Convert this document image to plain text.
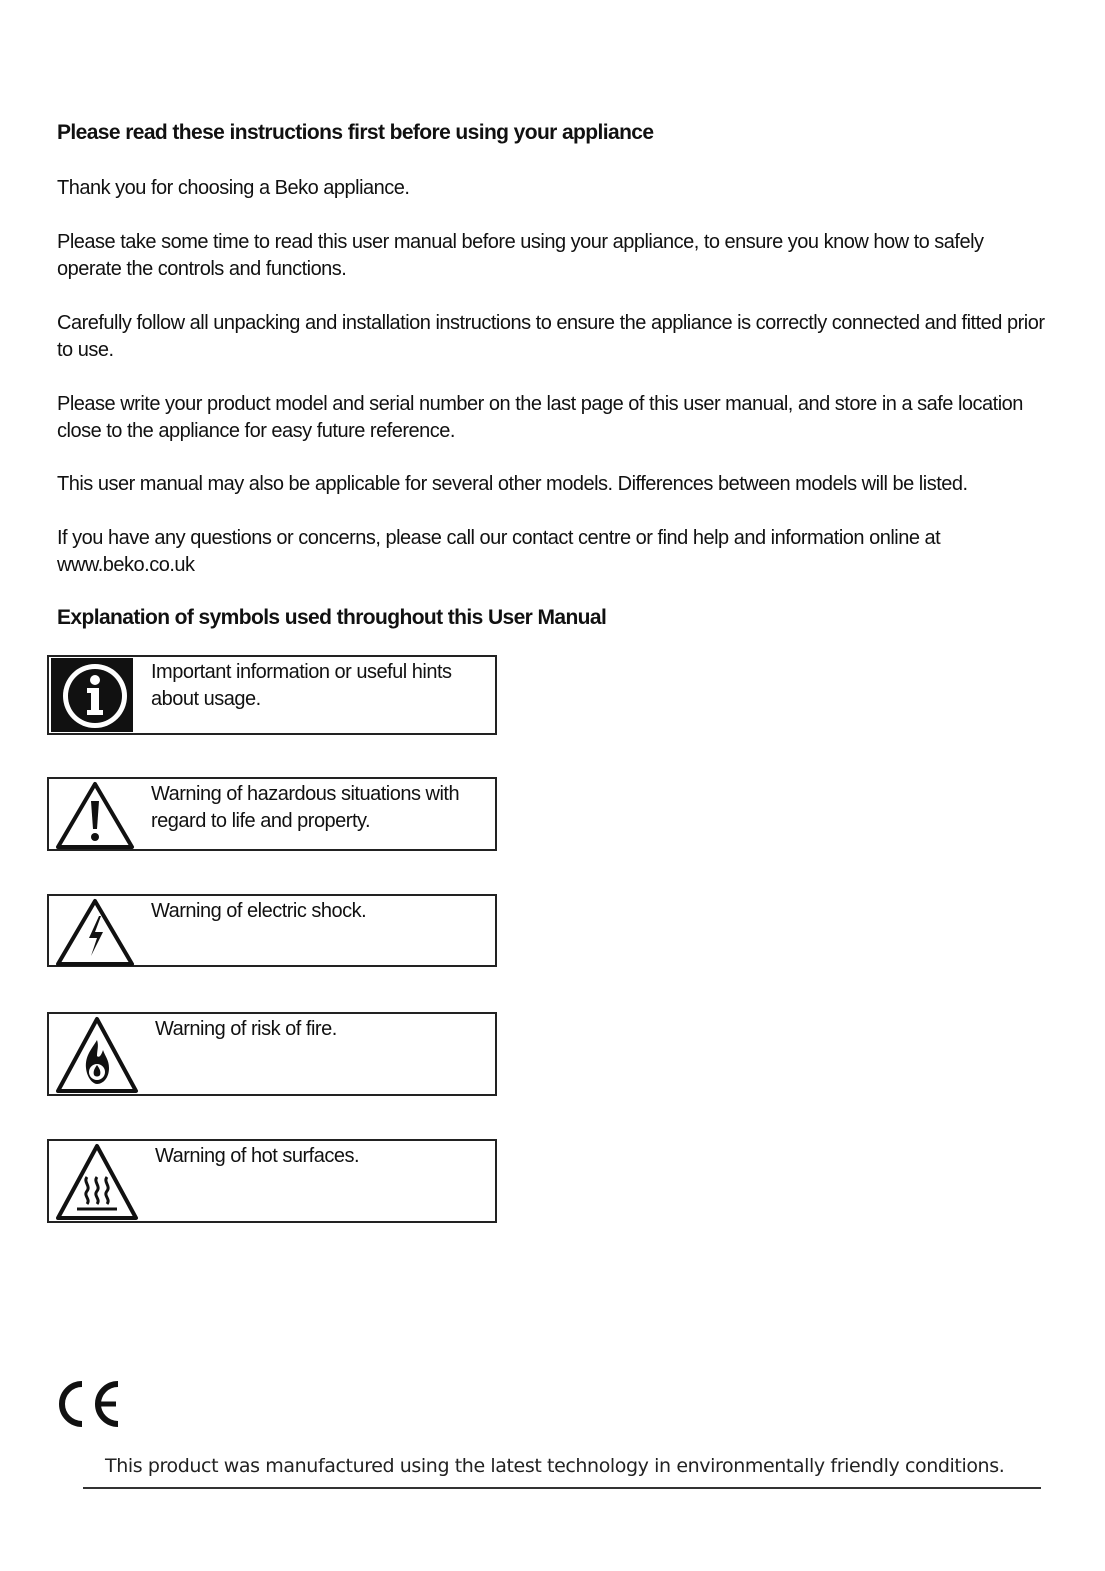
Please read these instructions first before using your appliance

Thank you for choosing a Beko appliance.

Please take some time to read this user manual before using your appliance, to ensure you know how to safely operate the controls and functions.

Carefully follow all unpacking and installation instructions to ensure the appliance is correctly connected and fitted prior to use.

Please write your product model and serial number on the last page of this user manual, and store in a safe location close to the appliance for easy future reference.

This user manual may also be applicable for several other models. Differences between models will be listed.

If you have any questions or concerns, please call our contact centre or find help and information online at www.beko.co.uk

Explanation of symbols used throughout this User Manual

Important information or useful hints about usage.

Warning of hazardous situations with regard to life and property.

Warning of electric shock.

Warning of risk of fire.

Warning of hot surfaces.

This product was manufactured using the latest technology in environmentally friendly conditions.
